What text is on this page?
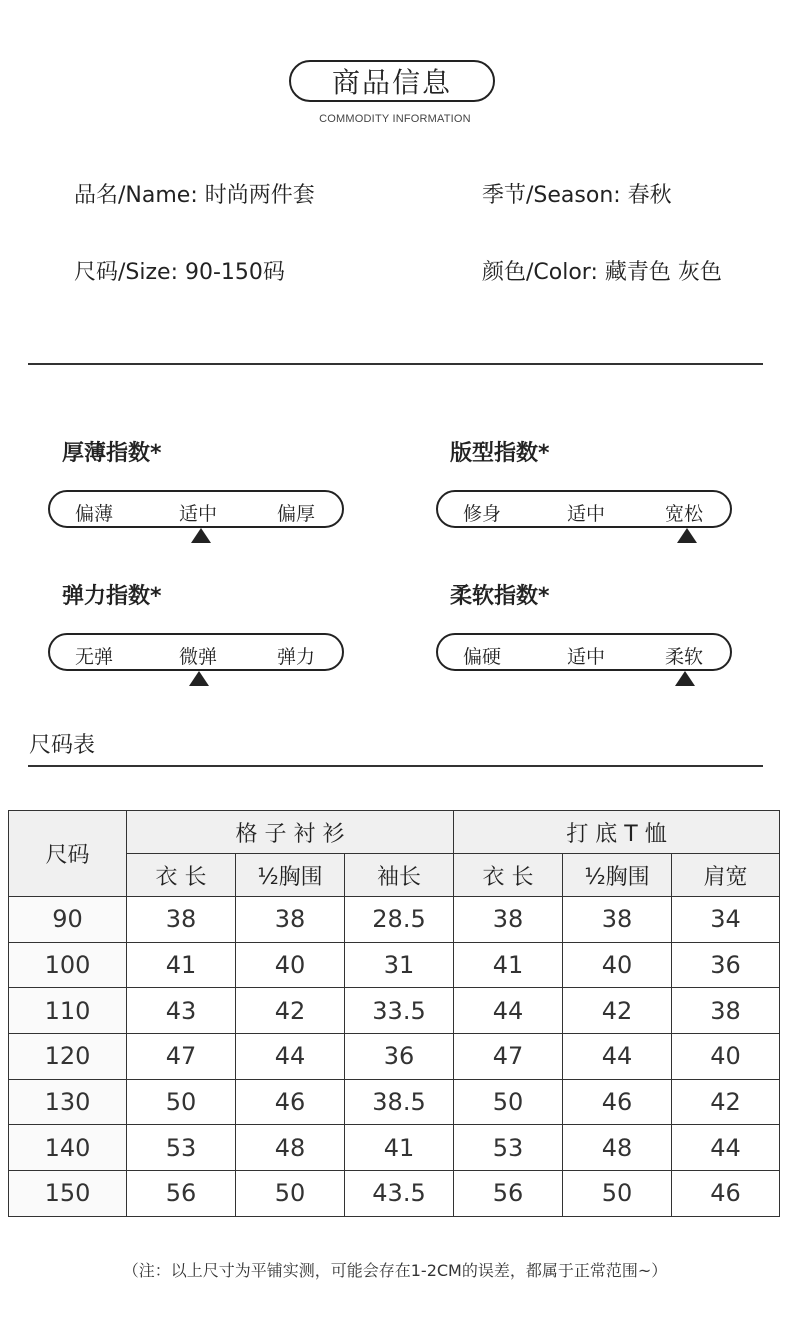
商品信息
COMMODITY INFORMATION
品名/Name: 时尚两件套	季节/Season: 春秋
尺码/Size: 90-150码	颜色/Color: 藏青色 灰色
厚薄指数*
偏薄	适中	偏厚
版型指数*
修身	适中	宽松
弹力指数*
无弹	微弹	弹力
柔软指数*
偏硬	适中	柔软
尺码表
尺码	格 子 衬 衫			打 底 T 恤		
	衣 长	½胸围	袖长	衣 长	½胸围	肩宽
90	38	38	28.5	38	38	34
100	41	40	31	41	40	36
110	43	42	33.5	44	42	38
120	47	44	36	47	44	40
130	50	46	38.5	50	46	42
140	53	48	41	53	48	44
150	56	50	43.5	56	50	46
（注：以上尺寸为平铺实测，可能会存在1-2CM的误差，都属于正常范围~）
